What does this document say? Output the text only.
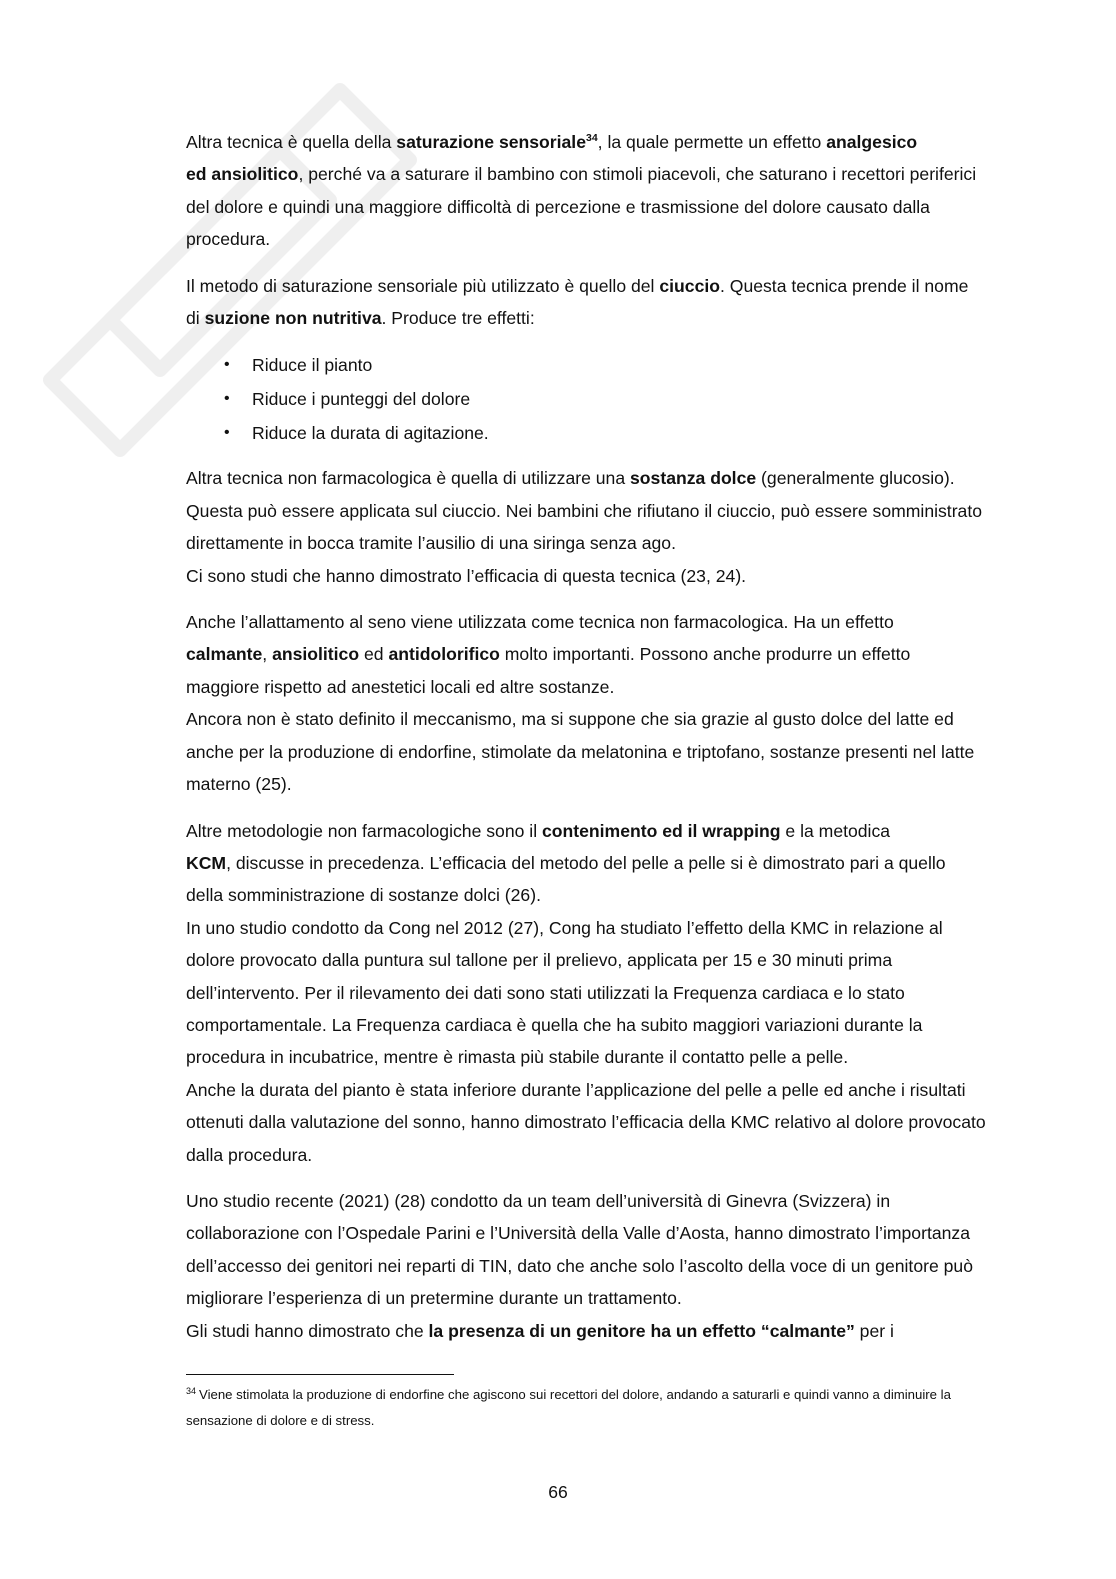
Altra tecnica è quella della saturazione sensoriale$^{34}$, la quale permette un effetto analgesico
ed ansiolitico, perché va a saturare il bambino con stimoli piacevoli, che saturano i recettori periferici del dolore e quindi una maggiore difficoltà di percezione e trasmissione del dolore causato dalla procedura.

Il metodo di saturazione sensoriale più utilizzato è quello del ciuccio. Questa tecnica prende il nome di suzione non nutritiva. Produce tre effetti:

• Riduce il pianto
• Riduce i punteggi del dolore
• Riduce la durata di agitazione.

Altra tecnica non farmacologica è quella di utilizzare una sostanza dolce (generalmente glucosio). Questa può essere applicata sul ciuccio. Nei bambini che rifiutano il ciuccio, può essere somministrato direttamente in bocca tramite l’ausilio di una siringa senza ago.
Ci sono studi che hanno dimostrato l’efficacia di questa tecnica (23, 24).

Anche l’allattamento al seno viene utilizzata come tecnica non farmacologica. Ha un effetto
calmante, ansiolitico ed antidolorifico molto importanti. Possono anche produrre un effetto maggiore rispetto ad anestetici locali ed altre sostanze.
Ancora non è stato definito il meccanismo, ma si suppone che sia grazie al gusto dolce del latte ed anche per la produzione di endorfine, stimolate da melatonina e triptofano, sostanze presenti nel latte materno (25).

Altre metodologie non farmacologiche sono il contenimento ed il wrapping e la metodica
KCM, discusse in precedenza. L’efficacia del metodo del pelle a pelle si è dimostrato pari a quello della somministrazione di sostanze dolci (26).
In uno studio condotto da Cong nel 2012 (27), Cong ha studiato l’effetto della KMC in relazione al dolore provocato dalla puntura sul tallone per il prelievo, applicata per 15 e 30 minuti prima dell’intervento. Per il rilevamento dei dati sono stati utilizzati la Frequenza cardiaca e lo stato comportamentale. La Frequenza cardiaca è quella che ha subito maggiori variazioni durante la procedura in incubatrice, mentre è rimasta più stabile durante il contatto pelle a pelle.
Anche la durata del pianto è stata inferiore durante l’applicazione del pelle a pelle ed anche i risultati ottenuti dalla valutazione del sonno, hanno dimostrato l’efficacia della KMC relativo al dolore provocato dalla procedura.

Uno studio recente (2021) (28) condotto da un team dell’università di Ginevra (Svizzera) in collaborazione con l’Ospedale Parini e l’Università della Valle d’Aosta, hanno dimostrato l’importanza dell’accesso dei genitori nei reparti di TIN, dato che anche solo l’ascolto della voce di un genitore può migliorare l’esperienza di un pretermine durante un trattamento.
Gli studi hanno dimostrato che la presenza di un genitore ha un effetto “calmante” per i

$^{34}$ Viene stimolata la produzione di endorfine che agiscono sui recettori del dolore, andando a saturarli e quindi vanno a diminuire la sensazione di dolore e di stress.
66
